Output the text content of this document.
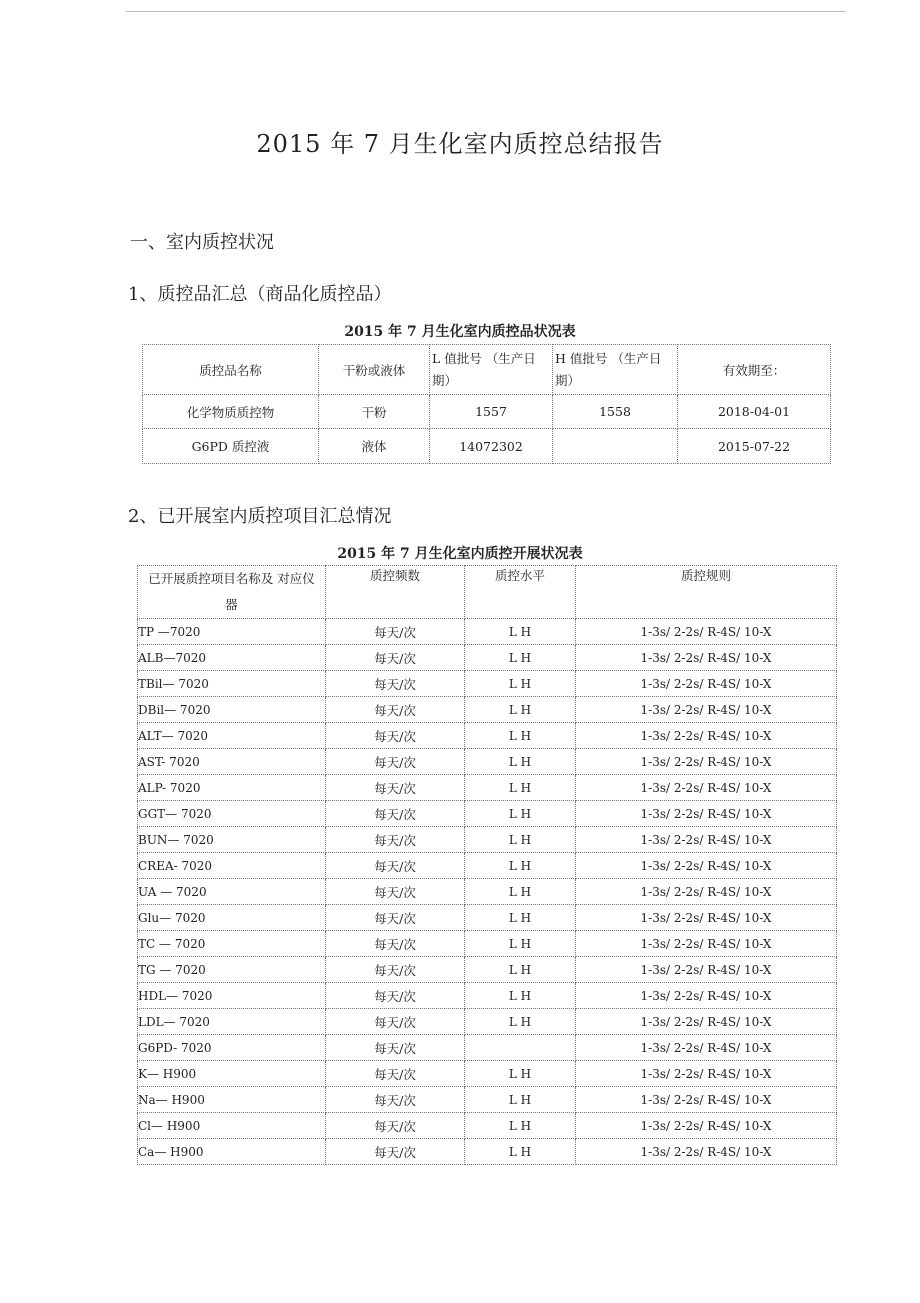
2015 年 7 月生化室内质控总结报告
一、室内质控状况
1、质控品汇总（商品化质控品）
2015 年 7 月生化室内质控品状况表
质控品名称	干粉或液体	L 值批号 （生产日期）	H 值批号 （生产日期）	有效期至：
化学物质质控物	干粉	1557	1558	2018-04-01
G6PD 质控液	液体	14072302		2015-07-22
2、已开展室内质控项目汇总情况
2015 年 7 月生化室内质控开展状况表
已开展质控项目名称及 对应仪器	质控频数	质控水平	质控规则
TP —7020	每天/次	L H	1-3s/ 2-2s/ R-4S/ 10-X
ALB—7020	每天/次	L H	1-3s/ 2-2s/ R-4S/ 10-X
TBil— 7020	每天/次	L H	1-3s/ 2-2s/ R-4S/ 10-X
DBil— 7020	每天/次	L H	1-3s/ 2-2s/ R-4S/ 10-X
ALT— 7020	每天/次	L H	1-3s/ 2-2s/ R-4S/ 10-X
AST- 7020	每天/次	L H	1-3s/ 2-2s/ R-4S/ 10-X
ALP- 7020	每天/次	L H	1-3s/ 2-2s/ R-4S/ 10-X
GGT— 7020	每天/次	L H	1-3s/ 2-2s/ R-4S/ 10-X
BUN— 7020	每天/次	L H	1-3s/ 2-2s/ R-4S/ 10-X
CREA- 7020	每天/次	L H	1-3s/ 2-2s/ R-4S/ 10-X
UA — 7020	每天/次	L H	1-3s/ 2-2s/ R-4S/ 10-X
Glu— 7020	每天/次	L H	1-3s/ 2-2s/ R-4S/ 10-X
TC — 7020	每天/次	L H	1-3s/ 2-2s/ R-4S/ 10-X
TG — 7020	每天/次	L H	1-3s/ 2-2s/ R-4S/ 10-X
HDL— 7020	每天/次	L H	1-3s/ 2-2s/ R-4S/ 10-X
LDL— 7020	每天/次	L H	1-3s/ 2-2s/ R-4S/ 10-X
G6PD- 7020	每天/次		1-3s/ 2-2s/ R-4S/ 10-X
K— H900	每天/次	L H	1-3s/ 2-2s/ R-4S/ 10-X
Na— H900	每天/次	L H	1-3s/ 2-2s/ R-4S/ 10-X
Cl— H900	每天/次	L H	1-3s/ 2-2s/ R-4S/ 10-X
Ca— H900	每天/次	L H	1-3s/ 2-2s/ R-4S/ 10-X
